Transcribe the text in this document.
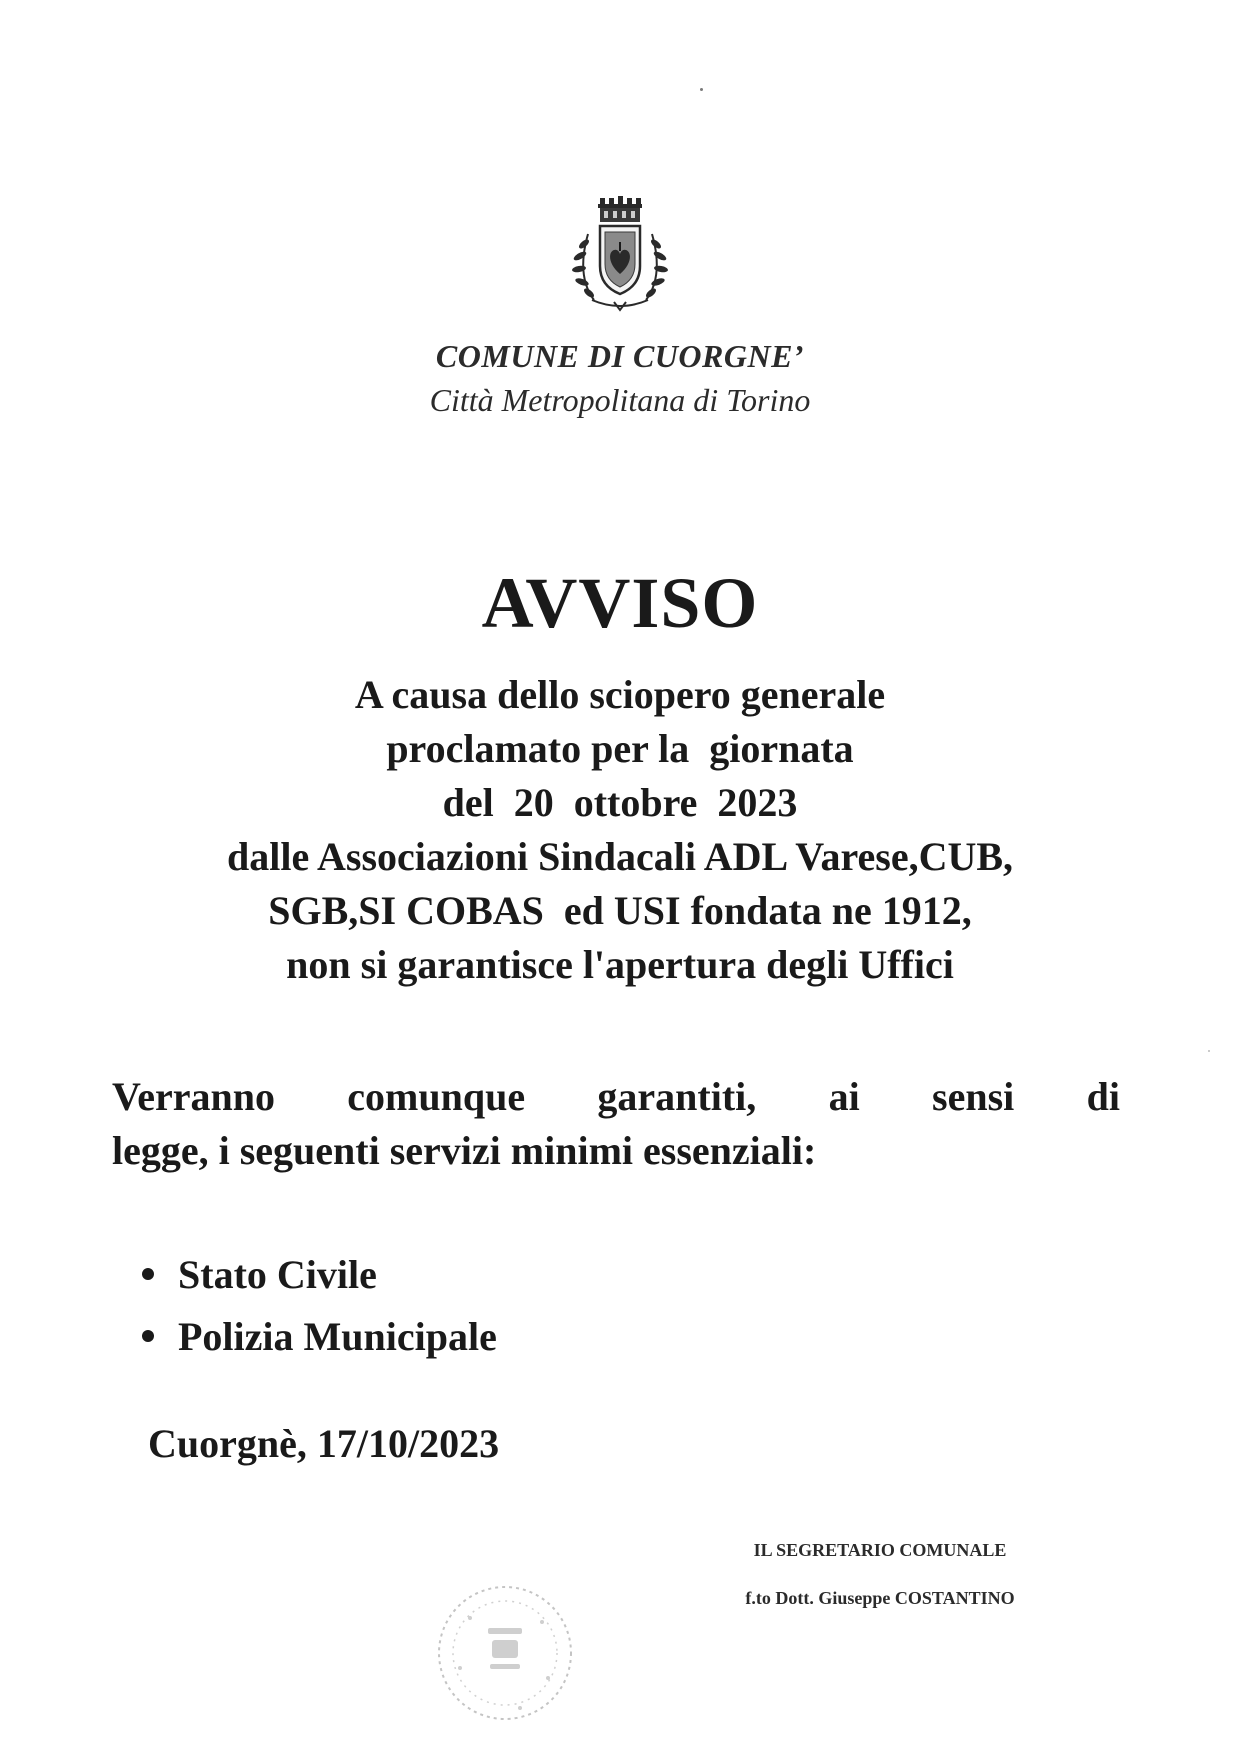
COMUNE DI CUORGNE’
Città Metropolitana di Torino
AVVISO
A causa dello sciopero generale
proclamato per la  giornata
del  20  ottobre  2023
dalle Associazioni Sindacali ADL Varese,CUB,
SGB,SI COBAS  ed USI fondata ne 1912,
non si garantisce l'apertura degli Uffici
Verranno comunque garantiti, ai sensi di
legge, i seguenti servizi minimi essenziali:
Stato Civile
Polizia Municipale
Cuorgnè, 17/10/2023
IL SEGRETARIO COMUNALE
f.to Dott. Giuseppe COSTANTINO
